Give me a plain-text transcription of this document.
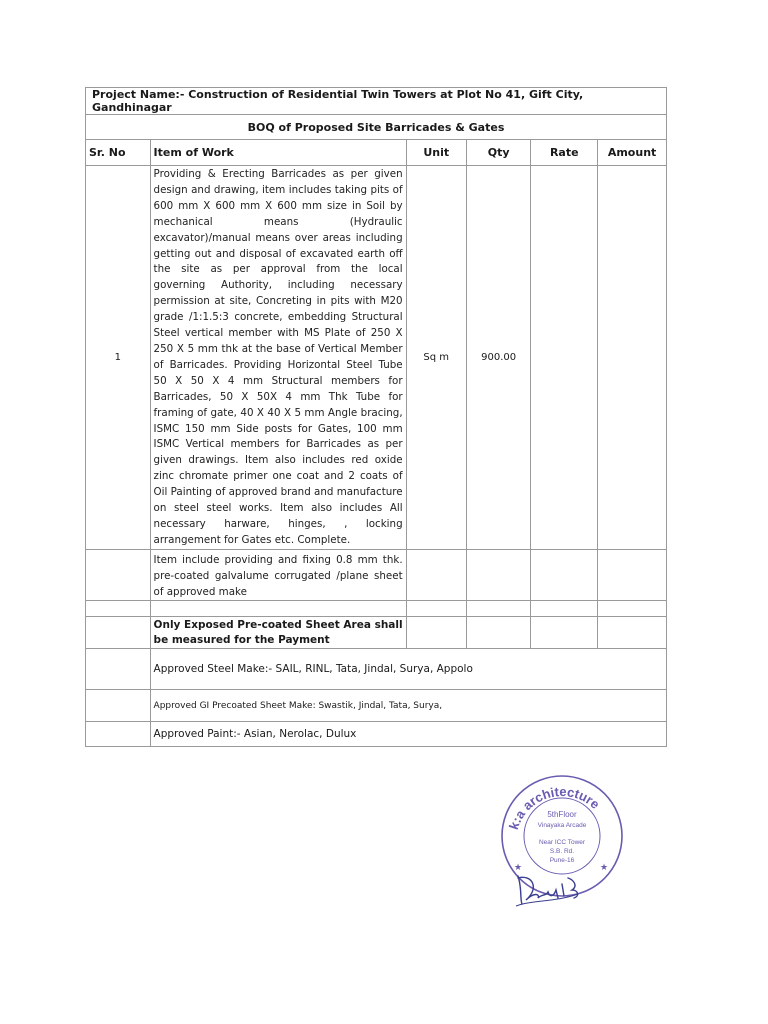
Project Name:- Construction of Residential Twin Towers at Plot No 41, Gift City, Gandhinagar					
BOQ of Proposed Site Barricades & Gates					
Sr. No	Item of Work	Unit	Qty	Rate	Amount
1	Providing & Erecting Barricades as per given design and drawing, item includes taking pits of 600 mm X 600 mm X 600 mm size in Soil by mechanical means (Hydraulic excavator)/manual means over areas including getting out and disposal of excavated earth off the site as per approval from the local governing Authority, including necessary permission at site, Concreting in pits with M20 grade /1:1.5:3 concrete, embedding Structural Steel vertical member with MS Plate of 250 X 250 X 5 mm thk at the base of Vertical Member of Barricades. Providing Horizontal Steel Tube 50 X 50 X 4 mm Structural members for Barricades, 50 X 50X 4 mm Thk Tube for framing of gate, 40 X 40 X 5 mm Angle bracing, ISMC 150 mm Side posts for Gates, 100 mm ISMC Vertical members for Barricades as per given drawings. Item also includes red oxide zinc chromate primer one coat and 2 coats of Oil Painting of approved brand and manufacture on steel steel works. Item also includes All necessary harware, hinges, , locking arrangement for Gates etc. Complete.	Sq m	900.00		
	Item include providing and fixing 0.8 mm thk. pre-coated galvalume corrugated /plane sheet of approved make				

	Only Exposed Pre-coated Sheet Area shall be measured for the Payment				
	Approved Steel Make:- SAIL, RINL, Tata, Jindal, Surya, Appolo				
	Approved GI Precoated Sheet Make: Swastik, Jindal, Tata, Surya,				
	Approved Paint:- Asian, Nerolac, Dulux				
k:a architecture
5thFloor
Vinayaka Arcade
Near ICC Tower
S.B. Rd.
Pune-16
★	★
